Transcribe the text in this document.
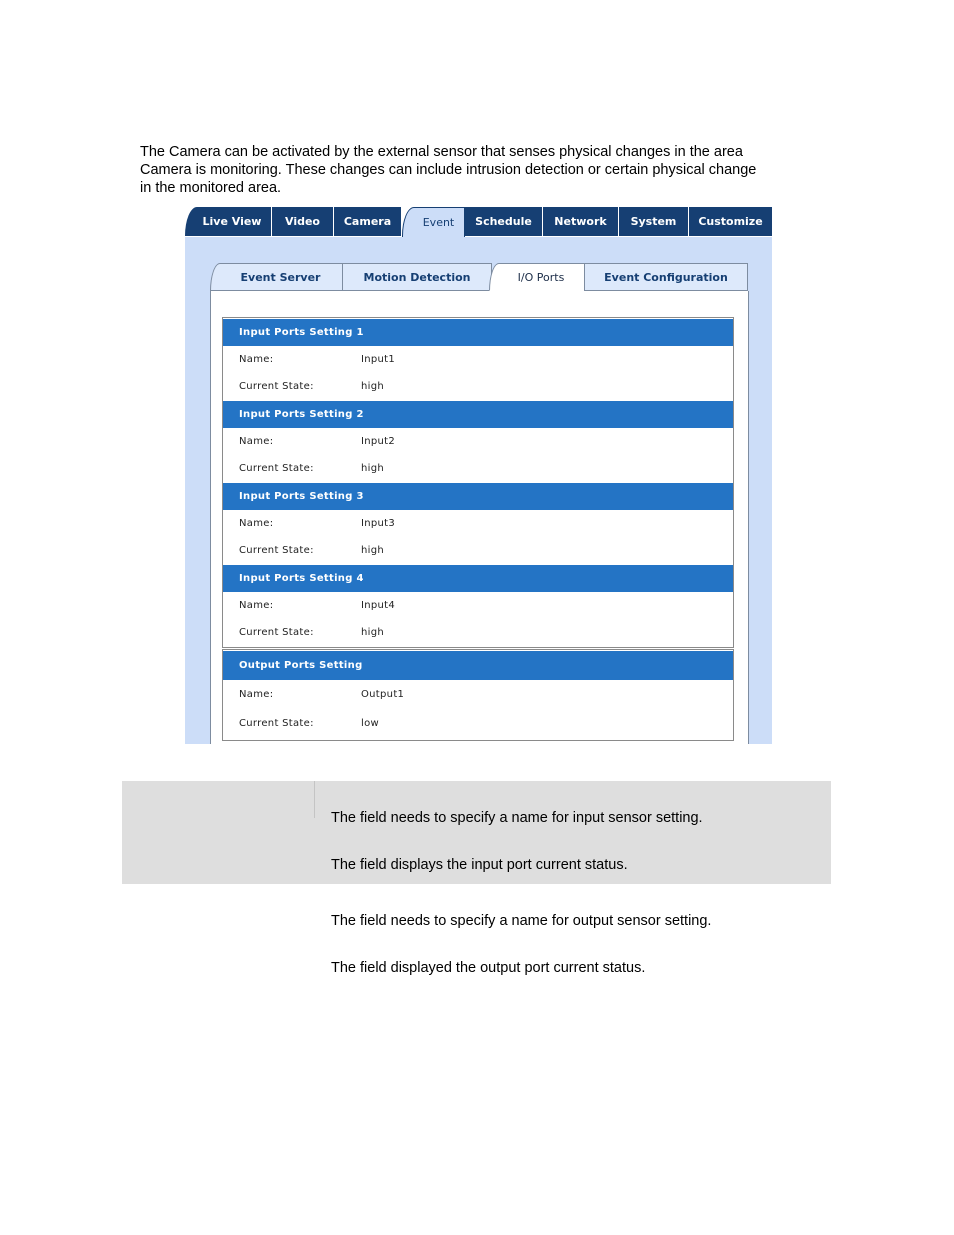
The Camera can be activated by the external sensor that senses physical changes in the area
Camera is monitoring. These changes can include intrusion detection or certain physical change
in the monitored area.

Live View	Video	Camera	Event	Schedule	Network	System	Customize
Event Server	Motion Detection	I/O Ports	Event Configuration
Input Ports Setting 1
Name:	Input1
Current State:	high
Input Ports Setting 2
Name:	Input2
Current State:	high
Input Ports Setting 3
Name:	Input3
Current State:	high
Input Ports Setting 4
Name:	Input4
Current State:	high
Output Ports Setting
Name:	Output1
Current State:	low

The field needs to specify a name for input sensor setting.

The field displays the input port current status.

The field needs to specify a name for output sensor setting.

The field displayed the output port current status.
